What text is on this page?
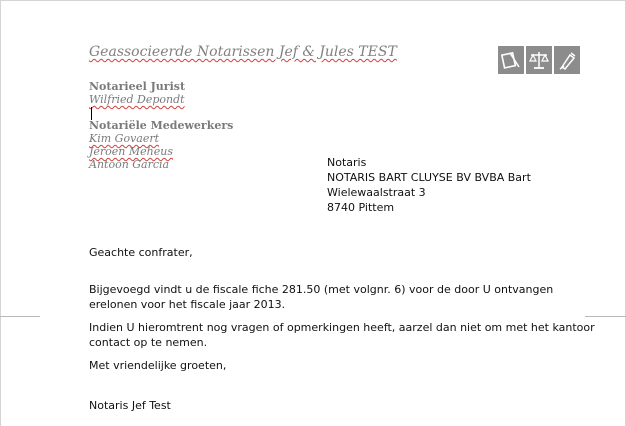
Geassocieerde Notarissen Jef & Jules TEST
Notarieel Jurist
Wilfried Depondt
Notariële Medewerkers
Kim Govaert
Jeroen Meheus
Antoon Garcia	Notaris
NOTARIS BART CLUYSE BV BVBA Bart
Wielewaalstraat 3
8740 Pittem
Geachte confrater,
Bijgevoegd vindt u de fiscale fiche 281.50 (met volgnr. 6) voor de door U ontvangen
erelonen voor het fiscale jaar 2013.
Indien U hieromtrent nog vragen of opmerkingen heeft, aarzel dan niet om met het kantoor
contact op te nemen.
Met vriendelijke groeten,
Notaris Jef Test
